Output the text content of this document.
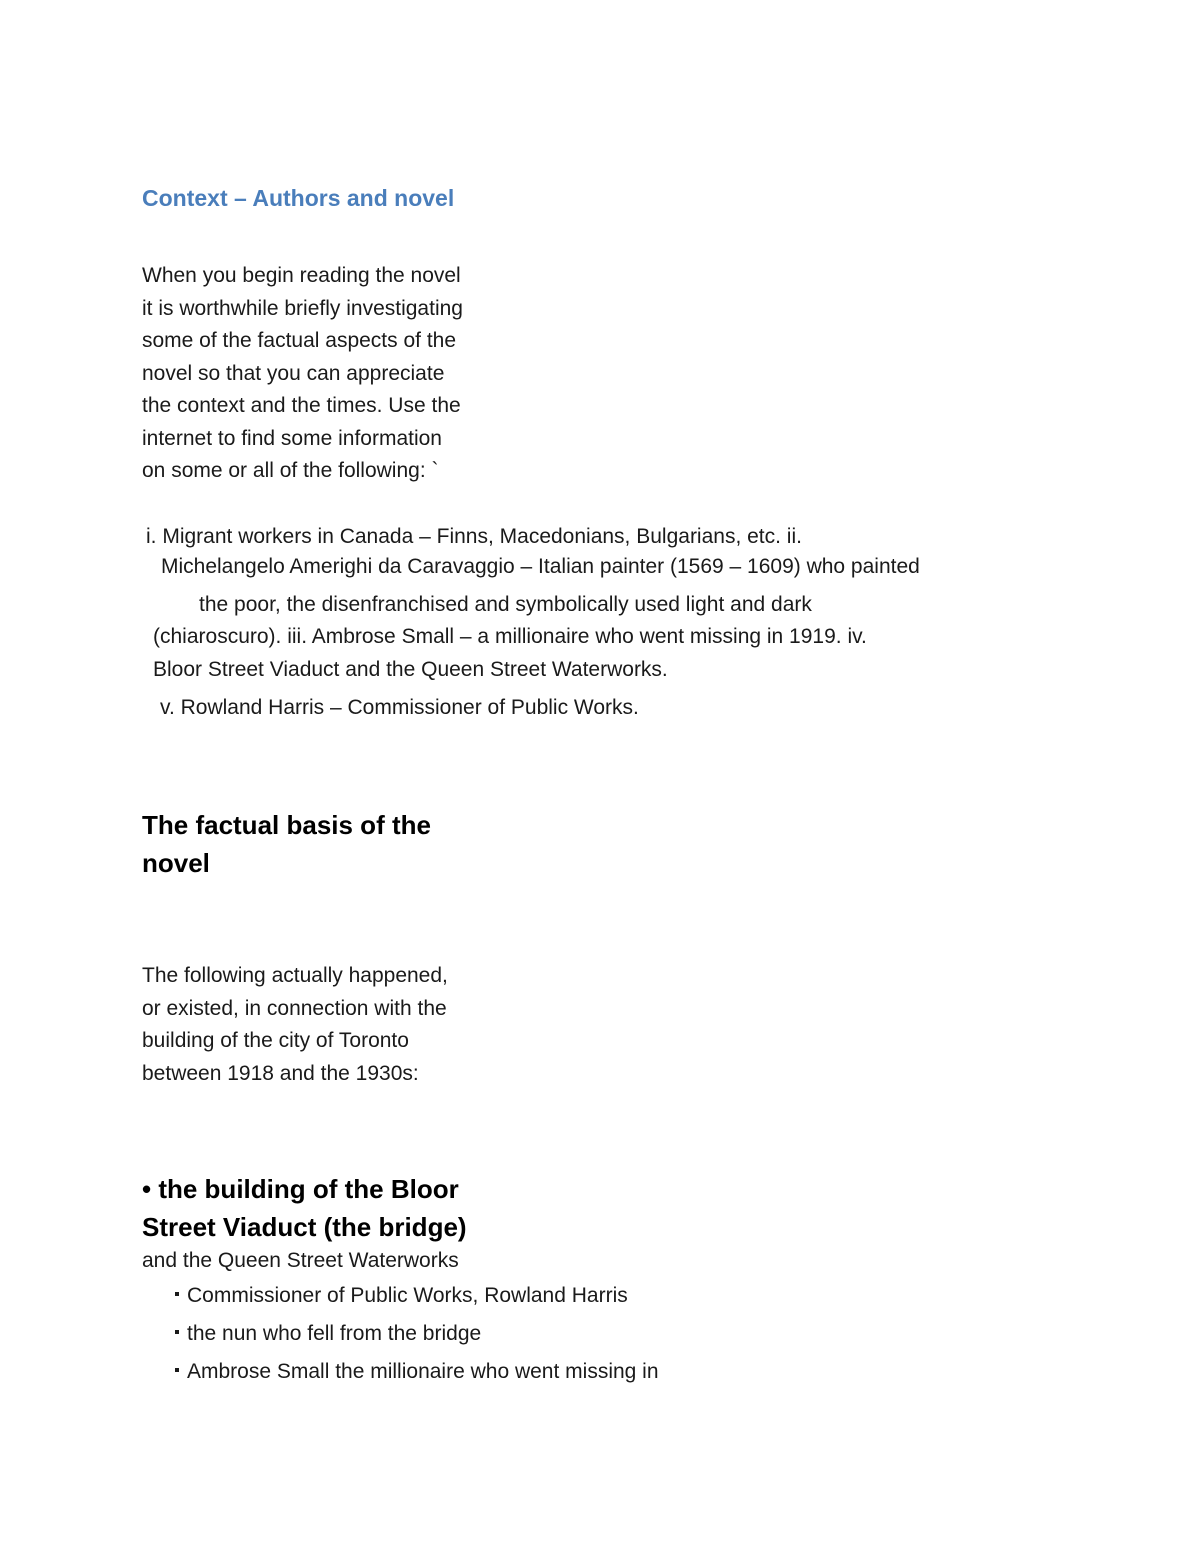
Context – Authors and novel
When you begin reading the novel
it is worthwhile briefly investigating
some of the factual aspects of the
novel so that you can appreciate
the context and the times. Use the
internet to find some information
on some or all of the following: `
i. Migrant workers in Canada – Finns, Macedonians, Bulgarians, etc. ii.
Michelangelo Amerighi da Caravaggio – Italian painter (1569 – 1609) who painted
the poor, the disenfranchised and symbolically used light and dark
(chiaroscuro). iii. Ambrose Small – a millionaire who went missing in 1919. iv.
Bloor Street Viaduct and the Queen Street Waterworks.
v. Rowland Harris – Commissioner of Public Works.
The factual basis of the
novel
The following actually happened,
or existed, in connection with the
building of the city of Toronto
between 1918 and the 1930s:
• the building of the Bloor
Street Viaduct (the bridge)
and the Queen Street Waterworks
Commissioner of Public Works, Rowland Harris
the nun who fell from the bridge
Ambrose Small the millionaire who went missing in
